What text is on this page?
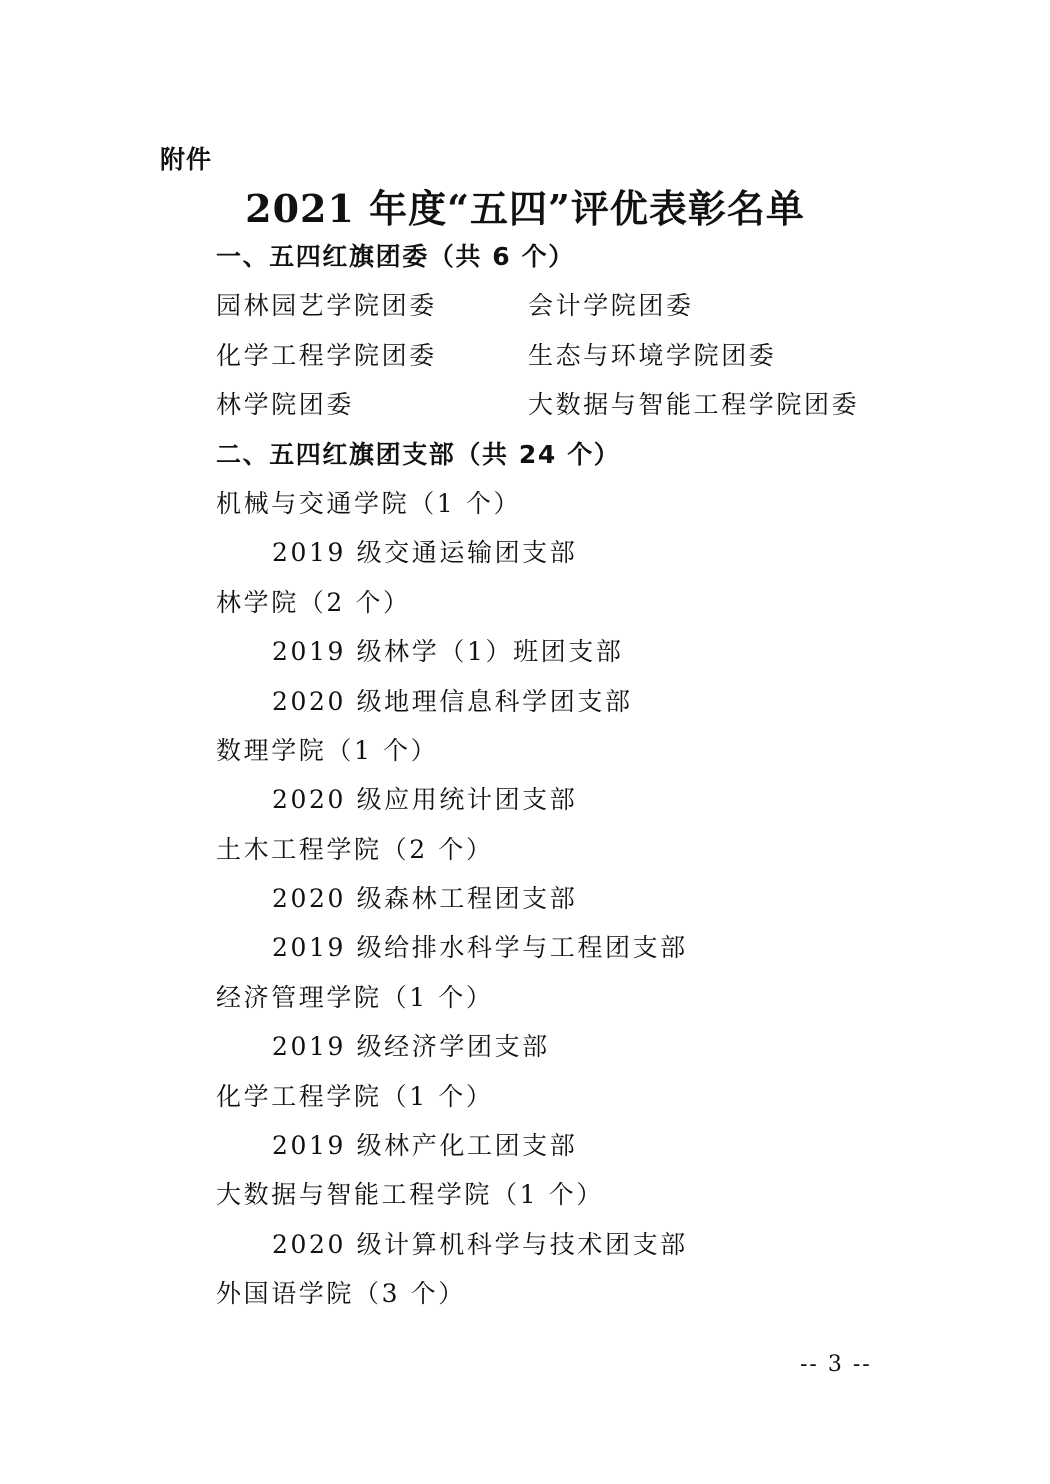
附件
2021 年度“五四”评优表彰名单
一、五四红旗团委（共 6 个）
园林园艺学院团委	会计学院团委
化学工程学院团委	生态与环境学院团委
林学院团委	大数据与智能工程学院团委
二、五四红旗团支部（共 24 个）
机械与交通学院（1 个）
2019 级交通运输团支部
林学院（2 个）
2019 级林学（1）班团支部
2020 级地理信息科学团支部
数理学院（1 个）
2020 级应用统计团支部
土木工程学院（2 个）
2020 级森林工程团支部
2019 级给排水科学与工程团支部
经济管理学院（1 个）
2019 级经济学团支部
化学工程学院（1 个）
2019 级林产化工团支部
大数据与智能工程学院（1 个）
2020 级计算机科学与技术团支部
外国语学院（3 个）
-- 3 --
